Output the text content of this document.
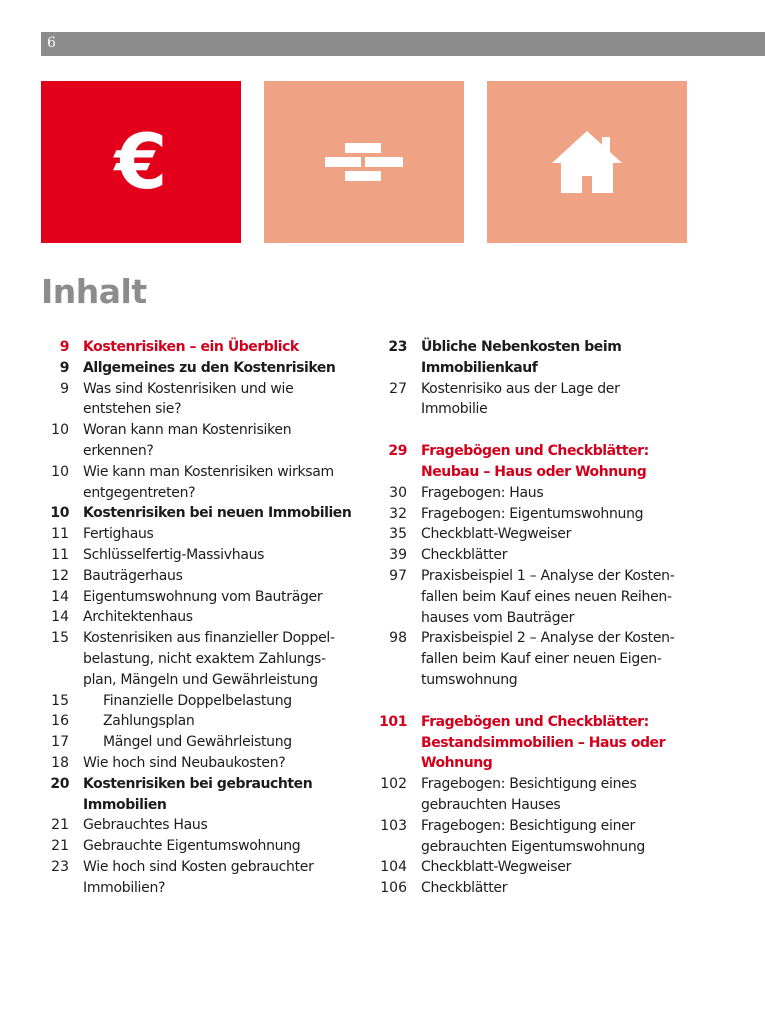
6
€
Inhalt
9	Kostenrisiken – ein Überblick
9	Allgemeines zu den Kostenrisiken
9	Was sind Kostenrisiken und wie
entstehen sie?
10	Woran kann man Kostenrisiken
erkennen?
10	Wie kann man Kostenrisiken wirksam
entgegentreten?
10	Kostenrisiken bei neuen Immobilien
11	Fertighaus
11	Schlüsselfertig-Massivhaus
12	Bauträgerhaus
14	Eigentumswohnung vom Bauträger
14	Architektenhaus
15	Kostenrisiken aus finanzieller Doppel-
belastung, nicht exaktem Zahlungs-
plan, Mängeln und Gewährleistung
15	Finanzielle Doppelbelastung
16	Zahlungsplan
17	Mängel und Gewährleistung
18	Wie hoch sind Neubaukosten?
20	Kostenrisiken bei gebrauchten
Immobilien
21	Gebrauchtes Haus
21	Gebrauchte Eigentumswohnung
23	Wie hoch sind Kosten gebrauchter
Immobilien?
23	Übliche Nebenkosten beim
Immobilienkauf
27	Kostenrisiko aus der Lage der
Immobilie
29	Fragebögen und Checkblätter:
Neubau – Haus oder Wohnung
30	Fragebogen: Haus
32	Fragebogen: Eigentumswohnung
35	Checkblatt-Wegweiser
39	Checkblätter
97	Praxisbeispiel 1 – Analyse der Kosten-
fallen beim Kauf eines neuen Reihen-
hauses vom Bauträger
98	Praxisbeispiel 2 – Analyse der Kosten-
fallen beim Kauf einer neuen Eigen-
tumswohnung
101	Fragebögen und Checkblätter:
Bestandsimmobilien – Haus oder
Wohnung
102	Fragebogen: Besichtigung eines
gebrauchten Hauses
103	Fragebogen: Besichtigung einer
gebrauchten Eigentumswohnung
104	Checkblatt-Wegweiser
106	Checkblätter
